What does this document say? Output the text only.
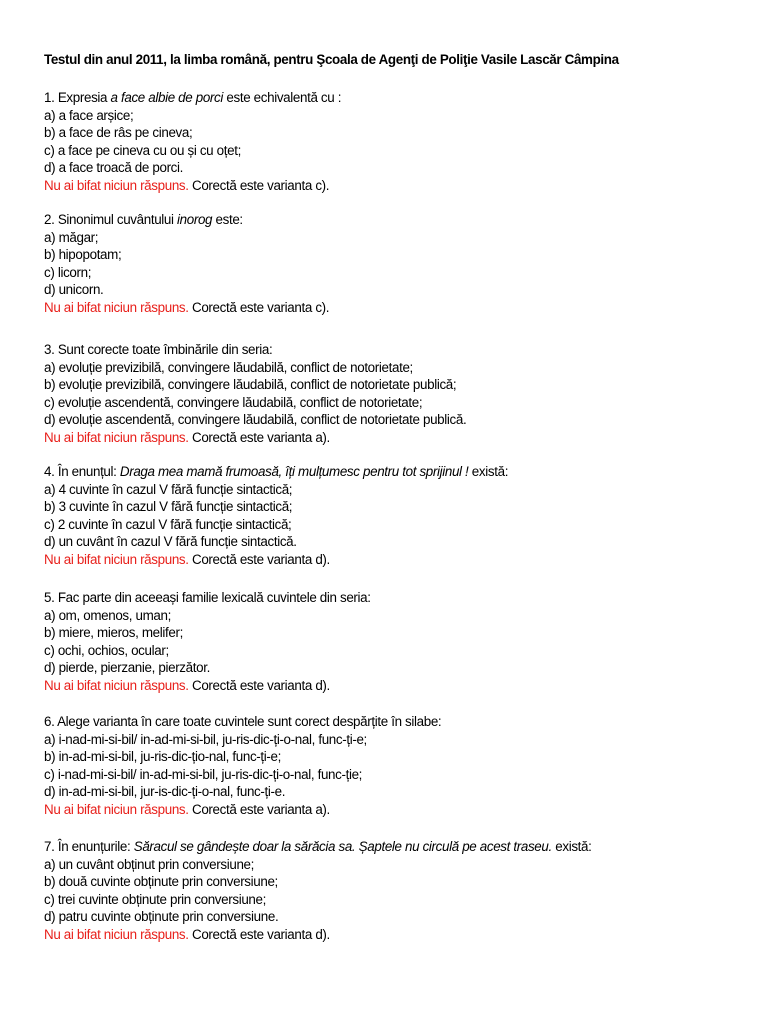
Testul din anul 2011, la limba română, pentru Şcoala de Agenţi de Poliţie Vasile Lascăr Câmpina
1. Expresia a face albie de porci este echivalentă cu :
a) a face arșice;
b) a face de râs pe cineva;
c) a face pe cineva cu ou și cu oțet;
d) a face troacă de porci.
Nu ai bifat niciun răspuns. Corectă este varianta c).
2. Sinonimul cuvântului inorog este:
a) măgar;
b) hipopotam;
c) licorn;
d) unicorn.
Nu ai bifat niciun răspuns. Corectă este varianta c).
3. Sunt corecte toate îmbinările din seria:
a) evoluție previzibilă, convingere lăudabilă, conflict de notorietate;
b) evoluție previzibilă, convingere lăudabilă, conflict de notorietate publică;
c) evoluție ascendentă, convingere lăudabilă, conflict de notorietate;
d) evoluție ascendentă, convingere lăudabilă, conflict de notorietate publică.
Nu ai bifat niciun răspuns. Corectă este varianta a).
4. În enunțul: Draga mea mamă frumoasă, îți mulțumesc pentru tot sprijinul ! există:
a) 4 cuvinte în cazul V fără funcție sintactică;
b) 3 cuvinte în cazul V fără funcție sintactică;
c) 2 cuvinte în cazul V fără funcție sintactică;
d) un cuvânt în cazul V fără funcție sintactică.
Nu ai bifat niciun răspuns. Corectă este varianta d).
5. Fac parte din aceeași familie lexicală cuvintele din seria:
a) om, omenos, uman;
b) miere, mieros, melifer;
c) ochi, ochios, ocular;
d) pierde, pierzanie, pierzător.
Nu ai bifat niciun răspuns. Corectă este varianta d).
6. Alege varianta în care toate cuvintele sunt corect despărțite în silabe:
a) i-nad-mi-si-bil/ in-ad-mi-si-bil, ju-ris-dic-ți-o-nal, func-ți-e;
b) in-ad-mi-si-bil, ju-ris-dic-țio-nal, func-ți-e;
c) i-nad-mi-si-bil/ in-ad-mi-si-bil, ju-ris-dic-ți-o-nal, func-ție;
d) in-ad-mi-si-bil, jur-is-dic-ți-o-nal, func-ți-e.
Nu ai bifat niciun răspuns. Corectă este varianta a).
7. În enunțurile: Săracul se gândește doar la sărăcia sa. Șaptele nu circulă pe acest traseu. există:
a) un cuvânt obținut prin conversiune;
b) două cuvinte obținute prin conversiune;
c) trei cuvinte obținute prin conversiune;
d) patru cuvinte obținute prin conversiune.
Nu ai bifat niciun răspuns. Corectă este varianta d).
